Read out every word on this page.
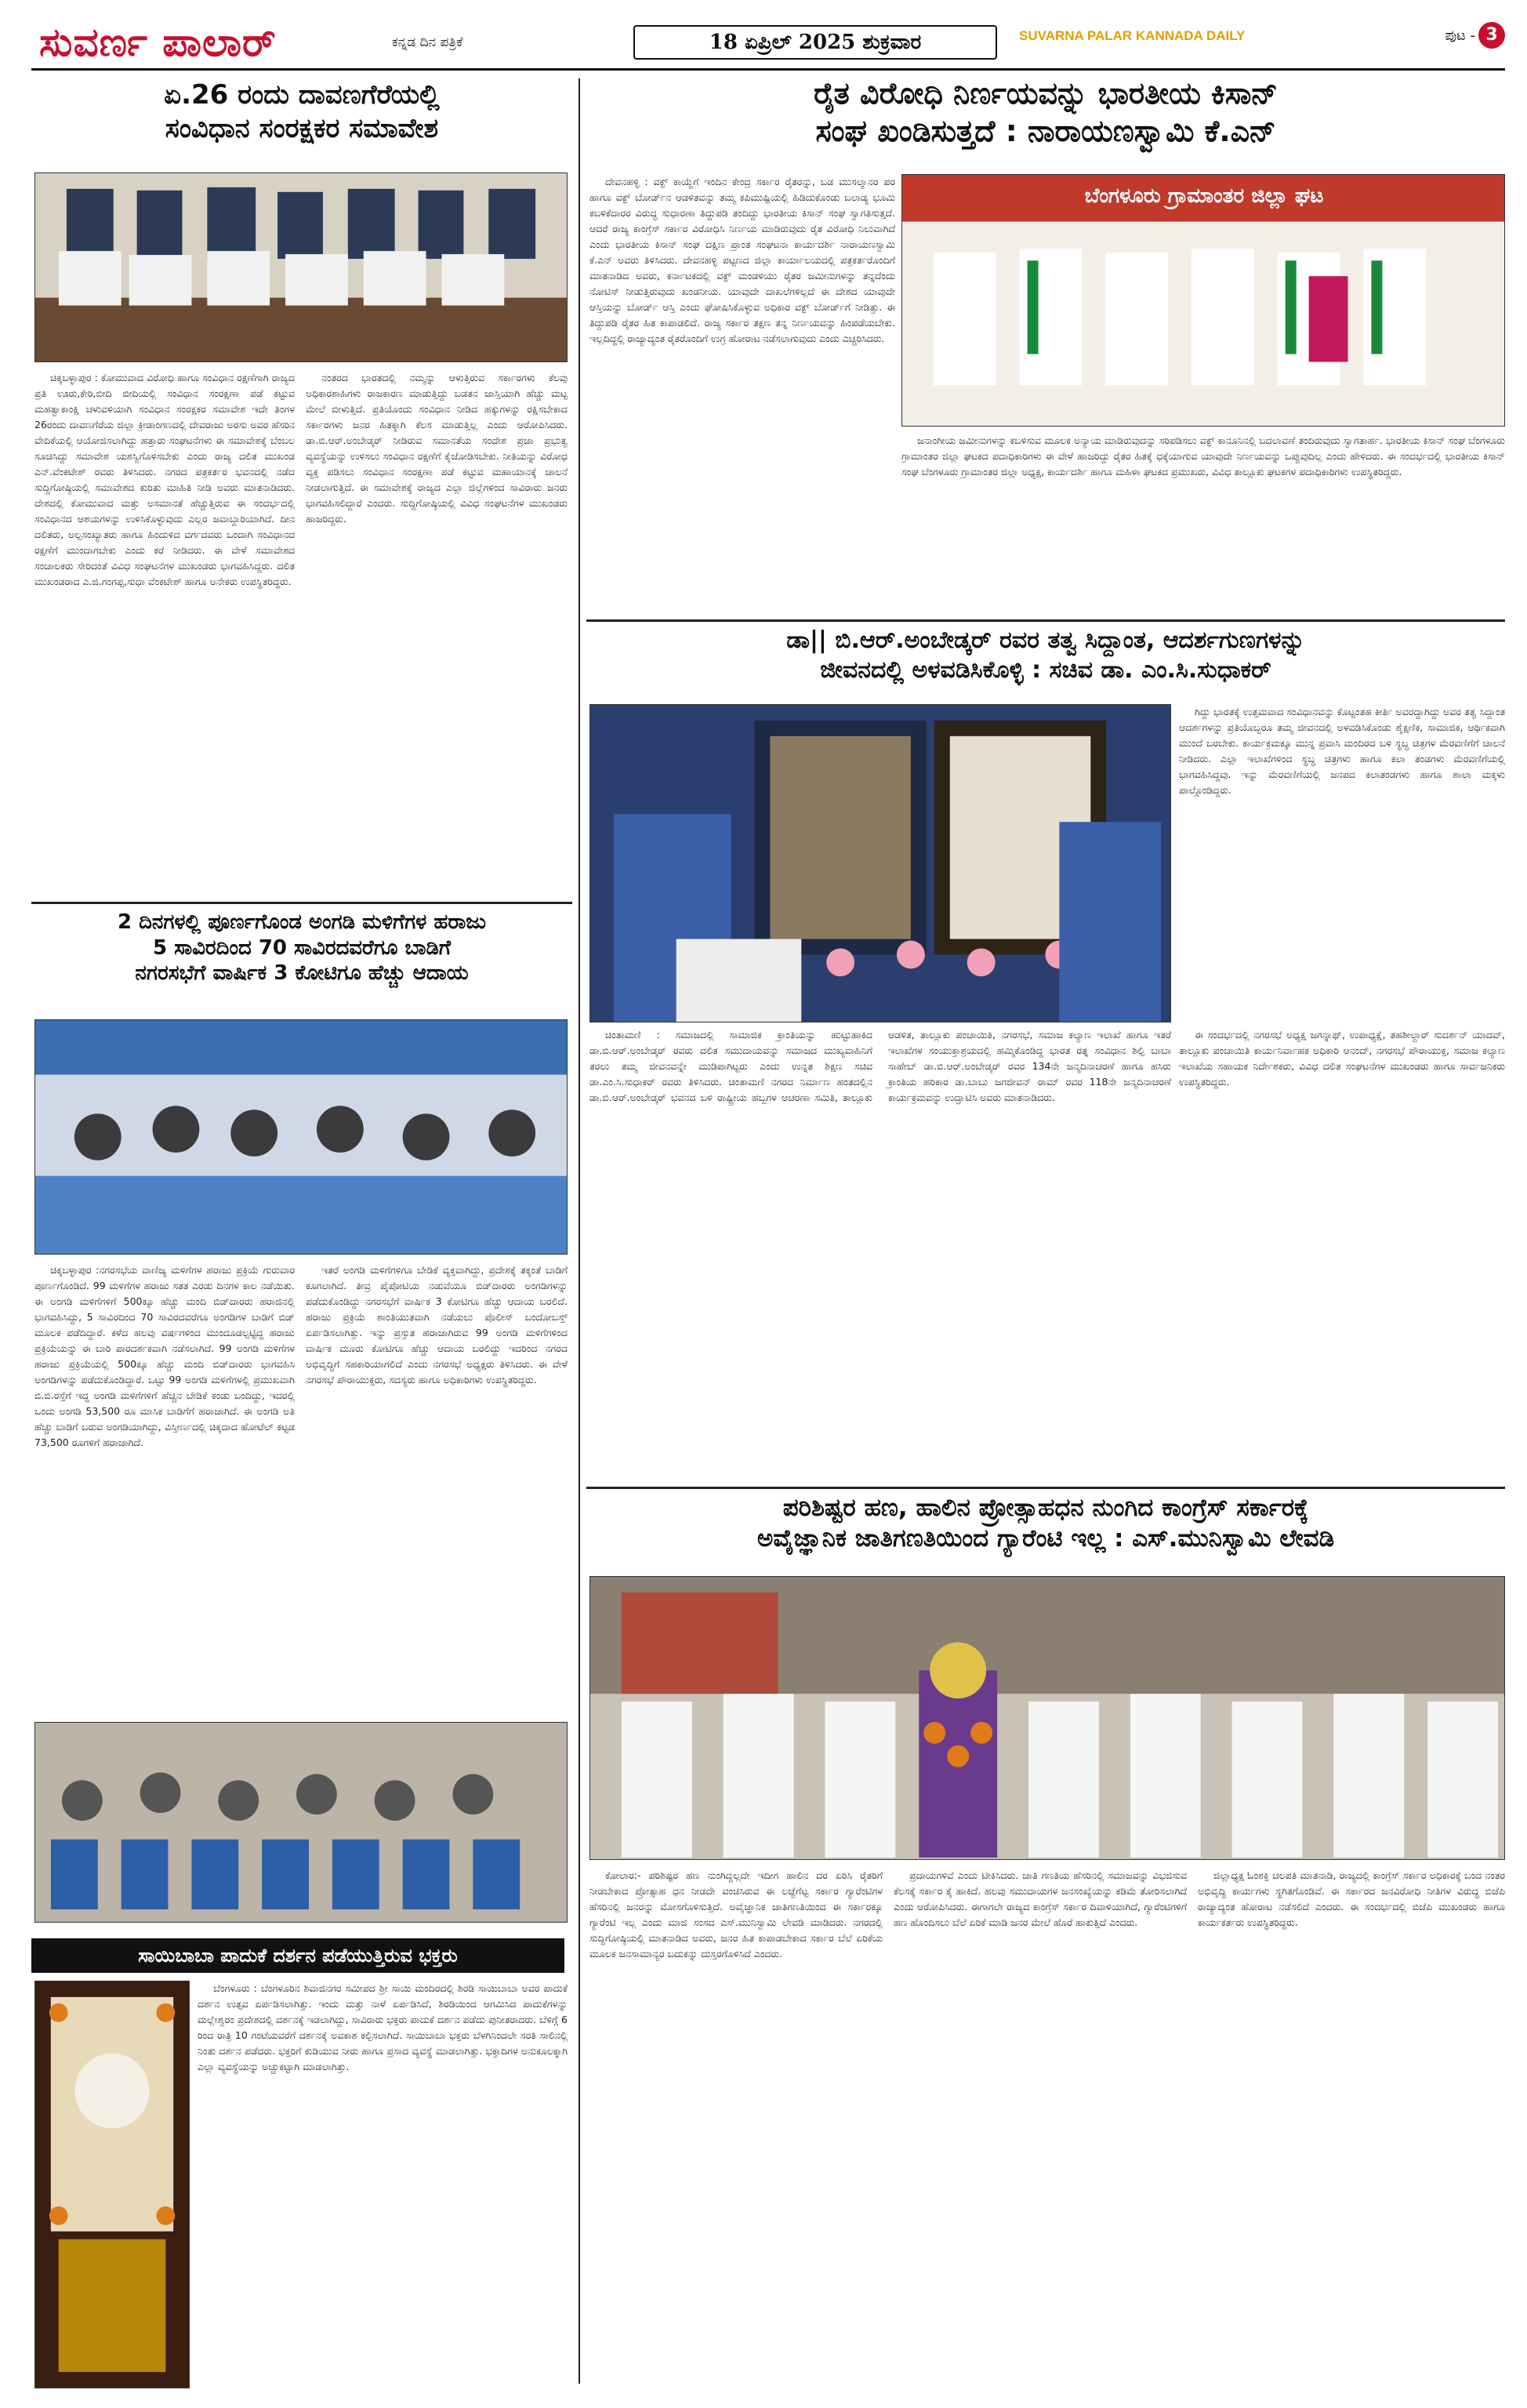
ಸುವರ್ಣ ಪಾಲಾರ್	ಕನ್ನಡ ದಿನ ಪತ್ರಿಕೆ	18 ಏಪ್ರಿಲ್ 2025 ಶುಕ್ರವಾರ	SUVARNA PALAR KANNADA DAILY	ಪುಟ - 3
ಏ.26 ರಂದು ದಾವಣಗೆರೆಯಲ್ಲಿ
ಸಂವಿಧಾನ ಸಂರಕ್ಷಕರ ಸಮಾವೇಶ

ಚಿಕ್ಕಬಳ್ಳಾಪುರ : ಕೋಮುವಾದ ವಿರೋಧಿ ಹಾಗೂ ಸಂವಿಧಾನ ರಕ್ಷಣೆಗಾಗಿ ರಾಜ್ಯದ ಪ್ರತಿ ಊರು,ಕೇರಿ,ಬೀದಿ ಬೀದಿಯಲ್ಲಿ ಸಂವಿಧಾನ ಸಂರಕ್ಷಣಾ ಪಡೆ ಕಟ್ಟುವ ಮಹತ್ವಾಕಾಂಕ್ಷಿ ಚಳುವಳಿಯಾಗಿ ಸಂವಿಧಾನ ಸಂರಕ್ಷಕರ ಸಮಾವೇಶ ಇದೇ ತಿಂಗಳ 26ರಂದು ದಾವಣಗೆರೆಯ ಜಿಲ್ಲಾ ಕ್ರೀಡಾಂಗಣದಲ್ಲಿ ದೇವರಾಜು ಅರಸು ಅವರ ಹೆಸರಿನ ವೇದಿಕೆಯಲ್ಲಿ ಆಯೋಜಿಸಲಾಗಿದ್ದು ಹತ್ತಾರು ಸಂಘಟನೆಗಳು ಈ ಸಮಾವೇಶಕ್ಕೆ ಬೆಂಬಲ ಸೂಚಿಸಿದ್ದು ಸಮಾವೇಶ ಯಶಸ್ವಿಗೊಳಿಸಬೇಕು ಎಂದು ರಾಜ್ಯ ದಲಿತ ಮುಖಂಡ ಎನ್.ವೆಂಕಟೇಶ್ ರವರು ತಿಳಿಸಿದರು. ನಗರದ ಪತ್ರಕರ್ತರ ಭವನದಲ್ಲಿ ನಡೆದ ಸುದ್ದಿಗೋಷ್ಠಿಯಲ್ಲಿ ಸಮಾವೇಶದ ಕುರಿತು ಮಾಹಿತಿ ನೀಡಿ ಅವರು ಮಾತನಾಡಿದರು. ದೇಶದಲ್ಲಿ ಕೋಮುವಾದ ಮತ್ತು ಅಸಮಾನತೆ ಹೆಚ್ಚುತ್ತಿರುವ ಈ ಸಂದರ್ಭದಲ್ಲಿ ಸಂವಿಧಾನದ ಆಶಯಗಳನ್ನು ಉಳಿಸಿಕೊಳ್ಳುವುದು ಎಲ್ಲರ ಜವಾಬ್ದಾರಿಯಾಗಿದೆ. ದೀನ ದಲಿತರು, ಅಲ್ಪಸಂಖ್ಯಾತರು ಹಾಗೂ ಹಿಂದುಳಿದ ವರ್ಗದವರು ಒಂದಾಗಿ ಸಂವಿಧಾನದ ರಕ್ಷಣೆಗೆ ಮುಂದಾಗಬೇಕು ಎಂದು ಕರೆ ನೀಡಿದರು. ಈ ವೇಳೆ ಸಮಾವೇಶದ ಸಂಚಾಲಕರು ಸೇರಿದಂತೆ ವಿವಿಧ ಸಂಘಟನೆಗಳ ಮುಖಂಡರು ಭಾಗವಹಿಸಿದ್ದರು. ದಲಿತ ಮುಖಂಡರಾದ ಎ.ಜಿ.ಗಂಗಪ್ಪ,ಸುಧಾ ವೆಂಕಟೇಶ್ ಹಾಗೂ ಅನೇಕರು ಉಪಸ್ಥಿತರಿದ್ದರು.

ನಂತರದ ಭಾರತದಲ್ಲಿ ನಮ್ಮನ್ನು ಆಳುತ್ತಿರುವ ಸರ್ಕಾರಗಳು ಕೆಲವು ಅಧಿಕಾರಶಾಹಿಗಳು ರಾಜಕಾರಣ ಮಾಡುತ್ತಿದ್ದು ಬಡತನ ಜಾಸ್ತಿಯಾಗಿ ಹೆಚ್ಚು ಮಟ್ಟ ಮೇಲೆ ಬೀಳುತ್ತಿದೆ. ಪ್ರತಿಯೊಂದು ಸಂವಿಧಾನ ನೀಡಿದ ಹಕ್ಕುಗಳನ್ನು ರಕ್ಷಿಸಬೇಕಾದ ಸರ್ಕಾರಗಳು ಜನರ ಹಿತಕ್ಕಾಗಿ ಕೆಲಸ ಮಾಡುತ್ತಿಲ್ಲ ಎಂದು ಆರೋಪಿಸಿದರು. ಡಾ.ಬಿ.ಆರ್.ಅಂಬೇಡ್ಕರ್ ನೀಡಿರುವ ಸಮಾನತೆಯ ಸಂದೇಶ ಪ್ರಜಾ ಪ್ರಭುತ್ವ ವ್ಯವಸ್ಥೆಯನ್ನು ಉಳಿಸಲು ಸಂವಿಧಾನ ರಕ್ಷಣೆಗೆ ಕೈಜೋಡಿಸಬೇಕು. ನೀತಿಯನ್ನು ವಿರೋಧ ವ್ಯಕ್ತ ಪಡಿಸಲು ಸಂವಿಧಾನ ಸಂರಕ್ಷಣಾ ಪಡೆ ಕಟ್ಟುವ ಮಹಾಯಾನಕ್ಕೆ ಚಾಲನೆ ನೀಡಲಾಗುತ್ತಿದೆ. ಈ ಸಮಾವೇಶಕ್ಕೆ ರಾಜ್ಯದ ಎಲ್ಲಾ ಜಿಲ್ಲೆಗಳಿಂದ ಸಾವಿರಾರು ಜನರು ಭಾಗವಹಿಸಲಿದ್ದಾರೆ ಎಂದರು. ಸುದ್ದಿಗೋಷ್ಠಿಯಲ್ಲಿ ವಿವಿಧ ಸಂಘಟನೆಗಳ ಮುಖಂಡರು ಹಾಜರಿದ್ದರು.

2 ದಿನಗಳಲ್ಲಿ ಪೂರ್ಣಗೊಂಡ ಅಂಗಡಿ ಮಳಿಗೆಗಳ ಹರಾಜು
5 ಸಾವಿರದಿಂದ 70 ಸಾವಿರದವರೆಗೂ ಬಾಡಿಗೆ
ನಗರಸಭೆಗೆ ವಾರ್ಷಿಕ 3 ಕೋಟಿಗೂ ಹೆಚ್ಚು ಆದಾಯ

ಚಿಕ್ಕಬಳ್ಳಾಪುರ :ನಗರಸಭೆಯ ವಾಣಿಜ್ಯ ಮಳಿಗೆಗಳ ಹರಾಜು ಪ್ರಕ್ರಿಯೆ ಗುರುವಾರ ಪೂರ್ಣಗೊಂಡಿದೆ. 99 ಮಳಿಗೆಗಳ ಹರಾಜು ಸತತ ಎರಡು ದಿನಗಳ ಕಾಲ ನಡೆಯಿತು. ಈ ಅಂಗಡಿ ಮಳಿಗೆಗಳಿಗೆ 500ಕ್ಕೂ ಹೆಚ್ಚು ಮಂದಿ ಬಿಡ್‌ದಾರರು ಹರಾಜಿನಲ್ಲಿ ಭಾಗವಹಿಸಿದ್ದು, 5 ಸಾವಿರದಿಂದ 70 ಸಾವಿರದವರೆಗೂ ಅಂಗಡಿಗಳ ಬಾಡಿಗೆ ಬಿಡ್ ಮೂಲಕ ಪಡೆದಿದ್ದಾರೆ. ಕಳೆದ ಹಲವು ವರ್ಷಗಳಿಂದ ಮುಂದೂಡಲ್ಪಟ್ಟಿದ್ದ ಹರಾಜು ಪ್ರಕ್ರಿಯೆಯನ್ನು ಈ ಬಾರಿ ಪಾರದರ್ಶಕವಾಗಿ ನಡೆಸಲಾಗಿದೆ. 99 ಅಂಗಡಿ ಮಳಿಗೆಗಳ ಹರಾಜು ಪ್ರಕ್ರಿಯೆಯಲ್ಲಿ 500ಕ್ಕೂ ಹೆಚ್ಚು ಮಂದಿ ಬಿಡ್‌ದಾರರು ಭಾಗವಹಿಸಿ ಅಂಗಡಿಗಳನ್ನು ಪಡೆದುಕೊಂಡಿದ್ದಾರೆ. ಒಟ್ಟು 99 ಅಂಗಡಿ ಮಳಿಗೆಗಳಲ್ಲಿ ಪ್ರಮುಖವಾಗಿ ಬಿ.ಬಿ.ರಸ್ತೆಗೆ ಇದ್ದ ಅಂಗಡಿ ಮಳಿಗೆಗಳಿಗೆ ಹೆಚ್ಚಿನ ಬೇಡಿಕೆ ಕಂಡು ಬಂದಿದ್ದು, ಇದರಲ್ಲಿ ಒಂದು ಅಂಗಡಿ 53,500 ರೂ ಮಾಸಿಕ ಬಾಡಿಗೆಗೆ ಹರಾಜಾಗಿದೆ. ಈ ಅಂಗಡಿ ಅತಿ ಹೆಚ್ಚು ಬಾಡಿಗೆ ಬರುವ ಅಂಗಡಿಯಾಗಿದ್ದು, ವಿಸ್ತೀರ್ಣದಲ್ಲಿ ಚಿಕ್ಕದಾದ ಹೋಟೆಲ್ ಕಟ್ಟಡ 73,500 ರೂಗಳಿಗೆ ಹರಾಜಾಗಿದೆ.

ಇತರೆ ಅಂಗಡಿ ಮಳಿಗೆಗಳಿಗೂ ಬೇಡಿಕೆ ವ್ಯಕ್ತವಾಗಿದ್ದು, ಪ್ರದೇಶಕ್ಕೆ ತಕ್ಕಂತೆ ಬಾಡಿಗೆ ಕೂಗಲಾಗಿದೆ. ತೀವ್ರ ಪೈಪೋಟಿಯ ನಡುವೆಯೂ ಬಿಡ್‌ದಾರರು ಅಂಗಡಿಗಳನ್ನು ಪಡೆದುಕೊಂಡಿದ್ದು ನಗರಸಭೆಗೆ ವಾರ್ಷಿಕ 3 ಕೋಟಿಗೂ ಹೆಚ್ಚು ಆದಾಯ ಬರಲಿದೆ. ಹರಾಜು ಪ್ರಕ್ರಿಯೆ ಶಾಂತಿಯುತವಾಗಿ ನಡೆಯಲು ಪೊಲೀಸ್ ಬಂದೋಬಸ್ತ್ ಏರ್ಪಡಿಸಲಾಗಿತ್ತು. ಇನ್ನು ಪ್ರಸ್ತುತ ಹರಾಜಾಗಿರುವ 99 ಅಂಗಡಿ ಮಳಿಗೆಗಳಿಂದ ವಾರ್ಷಿಕ ಮೂರು ಕೋಟಿಗೂ ಹೆಚ್ಚು ಆದಾಯ ಬರಲಿದ್ದು ಇದರಿಂದ ನಗರದ ಅಭಿವೃದ್ಧಿಗೆ ಸಹಕಾರಿಯಾಗಲಿದೆ ಎಂದು ನಗರಸಭೆ ಅಧ್ಯಕ್ಷರು ತಿಳಿಸಿದರು. ಈ ವೇಳೆ ನಗರಸಭೆ ಪೌರಾಯುಕ್ತರು, ಸದಸ್ಯರು ಹಾಗೂ ಅಧಿಕಾರಿಗಳು ಉಪಸ್ಥಿತರಿದ್ದರು.

ಸಾಯಿಬಾಬಾ ಪಾದುಕೆ ದರ್ಶನ ಪಡೆಯುತ್ತಿರುವ ಭಕ್ತರು

ಬೆಂಗಳೂರು : ಬೆಂಗಳೂರಿನ ಶಿವಾಜಿನಗರ ಸಮೀಪದ ಶ್ರೀ ಸಾಯಿ ಮಂದಿರದಲ್ಲಿ ಶಿರಡಿ ಸಾಯಿಬಾಬಾ ಅವರ ಪಾದುಕೆ ದರ್ಶನ ಉತ್ಸವ ಏರ್ಪಡಿಸಲಾಗಿತ್ತು. ಇಂದು ಮತ್ತು ನಾಳೆ ಏರ್ಪಡಿಸಿದೆ, ಶಿರಡಿಯಿಂದ ಆಗಮಿಸಿದ ಪಾದುಕೆಗಳನ್ನು ಮಲ್ಲೇಶ್ವರಂ ಪ್ರದೇಶದಲ್ಲಿ ದರ್ಶನಕ್ಕೆ ಇಡಲಾಗಿದ್ದು, ಸಾವಿರಾರು ಭಕ್ತರು ಪಾದುಕೆ ದರ್ಶನ ಪಡೆದು ಪುನೀತರಾದರು. ಬೆಳಿಗ್ಗೆ 6 ರಿಂದ ರಾತ್ರಿ 10 ಗಂಟೆಯವರೆಗೆ ದರ್ಶನಕ್ಕೆ ಅವಕಾಶ ಕಲ್ಪಿಸಲಾಗಿದೆ. ಸಾಯಿಬಾಬಾ ಭಕ್ತರು ಬೆಳಗಿನಿಂದಲೇ ಸರತಿ ಸಾಲಿನಲ್ಲಿ ನಿಂತು ದರ್ಶನ ಪಡೆದರು. ಭಕ್ತರಿಗೆ ಕುಡಿಯುವ ನೀರು ಹಾಗೂ ಪ್ರಸಾದ ವ್ಯವಸ್ಥೆ ಮಾಡಲಾಗಿತ್ತು. ಭಕ್ತಾದಿಗಳ ಅನುಕೂಲಕ್ಕಾಗಿ ಎಲ್ಲಾ ವ್ಯವಸ್ಥೆಯನ್ನು ಅಚ್ಚುಕಟ್ಟಾಗಿ ಮಾಡಲಾಗಿತ್ತು.

ರೈತ ವಿರೋಧಿ ನಿರ್ಣಯವನ್ನು ಭಾರತೀಯ ಕಿಸಾನ್
ಸಂಘ ಖಂಡಿಸುತ್ತದೆ : ನಾರಾಯಣಸ್ವಾಮಿ ಕೆ.ಎನ್

ದೇವನಹಳ್ಳಿ : ವಕ್ಫ್ ಕಾಯ್ದೆಗೆ ಇಂದಿನ ಕೇಂದ್ರ ಸರ್ಕಾರ ರೈತರನ್ನು, ಬಡ ಮುಸಲ್ಮಾನರ ಪರ ಹಾಗೂ ವಕ್ಫ್ ಬೋರ್ಡ್‌ನ ಆಡಳಿತವನ್ನು ತಮ್ಮ ಕಪಿಮುಷ್ಟಿಯಲ್ಲಿ ಹಿಡಿದುಕೊಂಡು ಬಲಾಡ್ಯ ಭೂಮಿ ಕಬಳಿಕೆದಾರರ ವಿರುದ್ಧ ಸುಧಾರಣಾ ತಿದ್ದುಪಡಿ ತಂದಿದ್ದು ಭಾರತೀಯ ಕಿಸಾನ್ ಸಂಘ ಸ್ವಾಗತಿಸುತ್ತದೆ. ಆದರೆ ರಾಜ್ಯ ಕಾಂಗ್ರೆಸ್ ಸರ್ಕಾರ ವಿರೋಧಿಸಿ ನಿರ್ಣಯ ಮಾಡಿರುವುದು ರೈತ ವಿರೋಧಿ ನಿಲುವಾಗಿದೆ ಎಂದು ಭಾರತೀಯ ಕಿಸಾನ್ ಸಂಘ ದಕ್ಷಿಣ ಪ್ರಾಂತ ಸಂಘಟನಾ ಕಾರ್ಯದರ್ಶಿ ನಾರಾಯಣಸ್ವಾಮಿ ಕೆ.ಎನ್ ಅವರು ತಿಳಿಸಿದರು. ದೇವನಹಳ್ಳಿ ಪಟ್ಟಣದ ಜಿಲ್ಲಾ ಕಾರ್ಯಾಲಯದಲ್ಲಿ ಪತ್ರಕರ್ತರೊಂದಿಗೆ ಮಾತನಾಡಿದ ಅವರು, ಕರ್ನಾಟಕದಲ್ಲಿ ವಕ್ಫ್ ಮಂಡಳಿಯು ರೈತರ ಜಮೀನುಗಳನ್ನು ತನ್ನದೆಂದು ನೋಟಿಸ್ ನೀಡುತ್ತಿರುವುದು ಖಂಡನೀಯ. ಯಾವುದೇ ದಾಖಲೆಗಳಿಲ್ಲದೆ ಈ ದೇಶದ ಯಾವುದೇ ಆಸ್ತಿಯನ್ನು ಬೋರ್ಡ್ ಆಸ್ತಿ ಎಂದು ಘೋಷಿಸಿಕೊಳ್ಳುವ ಅಧಿಕಾರ ವಕ್ಫ್ ಬೋರ್ಡ್‌ಗೆ ನೀಡಿತ್ತು. ಈ ತಿದ್ದುಪಡಿ ರೈತರ ಹಿತ ಕಾಪಾಡಲಿದೆ. ರಾಜ್ಯ ಸರ್ಕಾರ ತಕ್ಷಣ ತನ್ನ ನಿರ್ಣಯವನ್ನು ಹಿಂಪಡೆಯಬೇಕು. ಇಲ್ಲದಿದ್ದಲ್ಲಿ ರಾಜ್ಯಾದ್ಯಂತ ರೈತರೊಂದಿಗೆ ಉಗ್ರ ಹೋರಾಟ ನಡೆಸಲಾಗುವುದು ಎಂದು ಎಚ್ಚರಿಸಿದರು.

ಬೆಂಗಳೂರು ಗ್ರಾಮಾಂತರ ಜಿಲ್ಲಾ ಘಟ

ಜನಾಂಗೀಯ ಜಮೀನುಗಳನ್ನು ಕಬಳಿಸುವ ಮೂಲಕ ಅನ್ಯಾಯ ಮಾಡಿರುವುದನ್ನು ಸರಿಪಡಿಸಲು ವಕ್ಫ್ ಕಾನೂನಿನಲ್ಲಿ ಬದಲಾವಣೆ ತಂದಿರುವುದು ಸ್ವಾಗತಾರ್ಹ. ಭಾರತೀಯ ಕಿಸಾನ್ ಸಂಘ ಬೆಂಗಳೂರು ಗ್ರಾಮಾಂತರ ಜಿಲ್ಲಾ ಘಟಕದ ಪದಾಧಿಕಾರಿಗಳು ಈ ವೇಳೆ ಹಾಜರಿದ್ದು ರೈತರ ಹಿತಕ್ಕೆ ಧಕ್ಕೆಯಾಗುವ ಯಾವುದೇ ನಿರ್ಣಯವನ್ನು ಒಪ್ಪುವುದಿಲ್ಲ ಎಂದು ಹೇಳಿದರು. ಈ ಸಂದರ್ಭದಲ್ಲಿ ಭಾರತೀಯ ಕಿಸಾನ್ ಸಂಘ ಬೆಂಗಳೂರು ಗ್ರಾಮಾಂತರ ಜಿಲ್ಲಾ ಅಧ್ಯಕ್ಷ, ಕಾರ್ಯದರ್ಶಿ ಹಾಗೂ ಮಹಿಳಾ ಘಟಕದ ಪ್ರಮುಖರು, ವಿವಿಧ ತಾಲ್ಲೂಕು ಘಟಕಗಳ ಪದಾಧಿಕಾರಿಗಳು ಉಪಸ್ಥಿತರಿದ್ದರು.

ಡಾ|| ಬಿ.ಆರ್.ಅಂಬೇಡ್ಕರ್ ರವರ ತತ್ವ ಸಿದ್ದಾಂತ, ಆದರ್ಶಗುಣಗಳನ್ನು
ಜೀವನದಲ್ಲಿ ಅಳವಡಿಸಿಕೊಳ್ಳಿ : ಸಚಿವ ಡಾ. ಎಂ.ಸಿ.ಸುಧಾಕರ್

ಗಿದ್ದು ಭಾರತಕ್ಕೆ ಉತ್ತಮವಾದ ಸಂವಿಧಾನವನ್ನು ಕೊಟ್ಟಂತಹ ಕೀರ್ತಿ ಅವರದ್ದಾಗಿದ್ದು ಅವರ ತತ್ವ ಸಿದ್ದಾಂತ ಆದರ್ಶಗಳನ್ನು ಪ್ರತಿಯೊಬ್ಬರೂ ತಮ್ಮ ಜೀವನದಲ್ಲಿ ಅಳವಡಿಸಿಕೊಂಡು ಶೈಕ್ಷಣಿಕ, ಸಾಮಾಜಿಕ, ಆರ್ಥಿಕವಾಗಿ ಮುಂದೆ ಬರಬೇಕು. ಕಾರ್ಯಕ್ರಮಕ್ಕೂ ಮುನ್ನ ಪ್ರವಾಸಿ ಮಂದಿರದ ಬಳಿ ಸ್ಥಬ್ಧ ಚಿತ್ರಗಳ ಮೆರವಣಿಗೆಗೆ ಚಾಲನೆ ನೀಡಿದರು. ಎಲ್ಲಾ ಇಲಾಖೆಗಳಿಂದ ಸ್ಥಬ್ಧ ಚಿತ್ರಗಳು ಹಾಗೂ ಕಲಾ ತಂಡಗಳು ಮೆರವಣಿಗೆಯಲ್ಲಿ ಭಾಗವಹಿಸಿದ್ದವು. ಇನ್ನು ಮೆರವಣಿಗೆಯಲ್ಲಿ ಜನಪದ ಕಲಾತಂಡಗಳು ಹಾಗೂ ಶಾಲಾ ಮಕ್ಕಳು ಪಾಲ್ಗೊಂಡಿದ್ದರು.

ಚಿಂತಾಮಣಿ : ಸಮಾಜದಲ್ಲಿ ಸಾಮಾಜಿಕ ಕ್ರಾಂತಿಯನ್ನು ಹುಟ್ಟುಹಾಕಿದ ಡಾ.ಬಿ.ಆರ್.ಅಂಬೇಡ್ಕರ್ ರವರು ದಲಿತ ಸಮುದಾಯವನ್ನು ಸಮಾಜದ ಮುಖ್ಯವಾಹಿನಿಗೆ ತರಲು ತಮ್ಮ ಜೀವನವನ್ನೇ ಮುಡಿಪಾಗಿಟ್ಟರು ಎಂದು ಉನ್ನತ ಶಿಕ್ಷಣ ಸಚಿವ ಡಾ.ಎಂ.ಸಿ.ಸುಧಾಕರ್ ರವರು ತಿಳಿಸಿದರು. ಚಿಂತಾಮಣಿ ನಗರದ ನಿರ್ಮಾಣ ಹಂತದಲ್ಲಿನ ಡಾ.ಬಿ.ಆರ್.ಅಂಬೇಡ್ಕರ್ ಭವನದ ಬಳಿ ರಾಷ್ಟ್ರೀಯ ಹಬ್ಬಗಳ ಆಚರಣಾ ಸಮಿತಿ, ತಾಲ್ಲೂಕು ಆಡಳಿತ, ತಾಲ್ಲೂಕು ಪಂಚಾಯಿತಿ, ನಗರಸಭೆ, ಸಮಾಜ ಕಲ್ಯಾಣ ಇಲಾಖೆ ಹಾಗೂ ಇತರೆ ಇಲಾಖೆಗಳ ಸಂಯುಕ್ತಾಶ್ರಯದಲ್ಲಿ ಹಮ್ಮಿಕೊಂಡಿದ್ದ ಭಾರತ ರತ್ನ ಸಂವಿಧಾನ ಶಿಲ್ಪಿ ಬಾಬಾ ಸಾಹೇಬ್ ಡಾ.ಬಿ.ಆರ್.ಅಂಬೇಡ್ಕರ್ ರವರ 134ನೇ ಜನ್ಮದಿನಾಚರಣೆ ಹಾಗೂ ಹಸಿರು ಕ್ರಾಂತಿಯ ಹರಿಕಾರ ಡಾ.ಬಾಬು ಜಗಜೀವನ್ ರಾಮ್ ರವರ 118ನೇ ಜನ್ಮದಿನಾಚರಣೆ ಕಾರ್ಯಕ್ರಮವನ್ನು ಉದ್ಘಾಟಿಸಿ ಅವರು ಮಾತನಾಡಿದರು.

ಈ ಸಂದರ್ಭದಲ್ಲಿ ನಗರಸಭೆ ಅಧ್ಯಕ್ಷ ಜಗನ್ನಾಥ್, ಉಪಾಧ್ಯಕ್ಷೆ, ತಹಶೀಲ್ದಾರ್ ಸುದರ್ಶನ್ ಯಾದವ್, ತಾಲ್ಲೂಕು ಪಂಚಾಯಿತಿ ಕಾರ್ಯನಿರ್ವಾಹಕ ಅಧಿಕಾರಿ ಆನಂದ್, ನಗರಸಭೆ ಪೌರಾಯುಕ್ತ, ಸಮಾಜ ಕಲ್ಯಾಣ ಇಲಾಖೆಯ ಸಹಾಯಕ ನಿರ್ದೇಶಕರು, ವಿವಿಧ ದಲಿತ ಸಂಘಟನೆಗಳ ಮುಖಂಡರು ಹಾಗೂ ಸಾರ್ವಜನಿಕರು ಉಪಸ್ಥಿತರಿದ್ದರು.

ಪರಿಶಿಷ್ಟರ ಹಣ, ಹಾಲಿನ ಪ್ರೋತ್ಸಾಹಧನ ನುಂಗಿದ ಕಾಂಗ್ರೆಸ್ ಸರ್ಕಾರಕ್ಕೆ
ಅವೈಜ್ಞಾನಿಕ ಜಾತಿಗಣತಿಯಿಂದ ಗ್ಯಾರೆಂಟಿ ಇಲ್ಲ : ಎಸ್.ಮುನಿಸ್ವಾಮಿ ಲೇವಡಿ

ಕೋಲಾರ:- ಪರಿಶಿಷ್ಟರ ಹಣ ನುಂಗಿದ್ದಲ್ಲದೇ ಇದೀಗ ಹಾಲಿನ ದರ ಏರಿಸಿ ರೈತರಿಗೆ ನೀಡಬೇಕಾದ ಪ್ರೋತ್ಸಾಹ ಧನ ನೀಡದೇ ವಂಚಿಸಿರುವ ಈ ಲಜ್ಜೆಗೆಟ್ಟ ಸರ್ಕಾರ ಗ್ಯಾರೆಂಟಿಗಳ ಹೆಸರಿನಲ್ಲಿ ಜನರನ್ನು ಮೋಸಗೊಳಿಸುತ್ತಿದೆ. ಅವೈಜ್ಞಾನಿಕ ಜಾತಿಗಣತಿಯಿಂದ ಈ ಸರ್ಕಾರಕ್ಕೂ ಗ್ಯಾರೆಂಟಿ ಇಲ್ಲ ಎಂದು ಮಾಜಿ ಸಂಸದ ಎಸ್.ಮುನಿಸ್ವಾಮಿ ಲೇವಡಿ ಮಾಡಿದರು. ನಗರದಲ್ಲಿ ಸುದ್ದಿಗೋಷ್ಠಿಯಲ್ಲಿ ಮಾತನಾಡಿದ ಅವರು, ಜನರ ಹಿತ ಕಾಪಾಡಬೇಕಾದ ಸರ್ಕಾರ ಬೆಲೆ ಏರಿಕೆಯ ಮೂಲಕ ಜನಸಾಮಾನ್ಯರ ಬದುಕನ್ನು ದುಸ್ತರಗೊಳಿಸಿದೆ ಎಂದರು.

ಪ್ರದಾಯಗಳಿವೆ ಎಂದು ಟೀಕಿಸಿದರು. ಜಾತಿ ಗಣತಿಯ ಹೆಸರಿನಲ್ಲಿ ಸಮಾಜವನ್ನು ವಿಭಜಿಸುವ ಕೆಲಸಕ್ಕೆ ಸರ್ಕಾರ ಕೈ ಹಾಕಿದೆ. ಹಲವು ಸಮುದಾಯಗಳ ಜನಸಂಖ್ಯೆಯನ್ನು ಕಡಿಮೆ ತೋರಿಸಲಾಗಿದೆ ಎಂದು ಆರೋಪಿಸಿದರು. ಈಗಾಗಲೇ ರಾಜ್ಯದ ಕಾಂಗ್ರೆಸ್ ಸರ್ಕಾರ ದಿವಾಳಿಯಾಗಿದೆ, ಗ್ಯಾರೆಂಟಿಗಳಿಗೆ ಹಣ ಹೊಂದಿಸಲು ಬೆಲೆ ಏರಿಕೆ ಮಾಡಿ ಜನರ ಮೇಲೆ ಹೊರೆ ಹಾಕುತ್ತಿದೆ ಎಂದರು.

ಜಿಲ್ಲಾಧ್ಯಕ್ಷ ಓಂಶಕ್ತಿ ಚಲಪತಿ ಮಾತನಾಡಿ, ರಾಜ್ಯದಲ್ಲಿ ಕಾಂಗ್ರೆಸ್ ಸರ್ಕಾರ ಅಧಿಕಾರಕ್ಕೆ ಬಂದ ನಂತರ ಅಭಿವೃದ್ಧಿ ಕಾರ್ಯಗಳು ಸ್ಥಗಿತಗೊಂಡಿವೆ. ಈ ಸರ್ಕಾರದ ಜನವಿರೋಧಿ ನೀತಿಗಳ ವಿರುದ್ಧ ಬಿಜೆಪಿ ರಾಜ್ಯಾದ್ಯಂತ ಹೋರಾಟ ನಡೆಸಲಿದೆ ಎಂದರು. ಈ ಸಂದರ್ಭದಲ್ಲಿ ಬಿಜೆಪಿ ಮುಖಂಡರು ಹಾಗೂ ಕಾರ್ಯಕರ್ತರು ಉಪಸ್ಥಿತರಿದ್ದರು.
